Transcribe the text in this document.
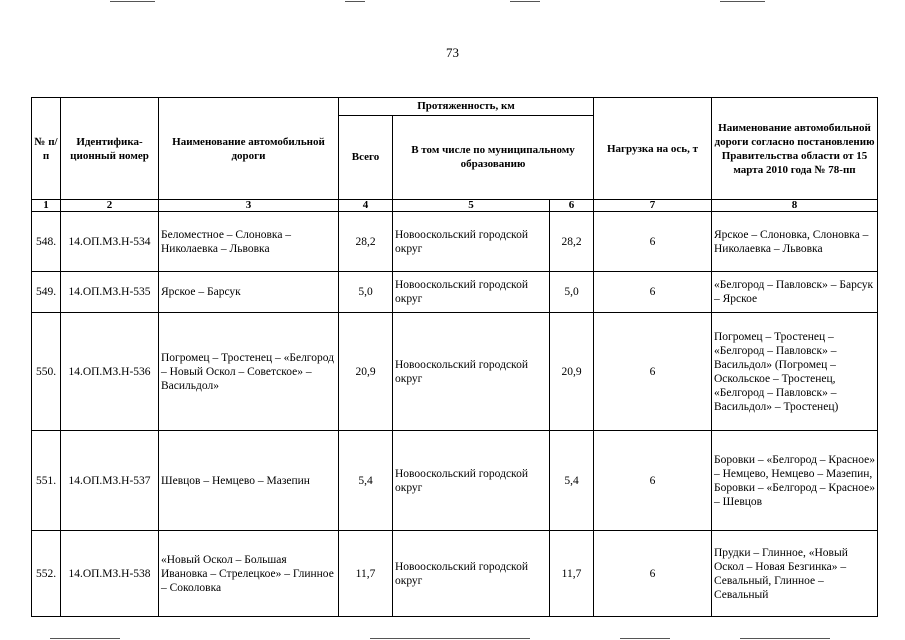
73
№ п/п	Идентифика-ционный номер	Наименование автомобильной дороги	Протяженность, км			Нагрузка на ось, т	Наименование автомобильной дороги согласно постановлению Правительства области от 15 марта 2010 года № 78-пп
			Всего	В том числе по муниципальному образованию			
1	2	3	4	5	6	7	8
548.	14.ОП.МЗ.Н-534	Беломестное – Слоновка – Николаевка – Львовка	28,2	Новооскольский городской округ	28,2	6	Ярское – Слоновка, Слоновка – Николаевка – Львовка
549.	14.ОП.МЗ.Н-535	Ярское – Барсук	5,0	Новооскольский городской округ	5,0	6	«Белгород – Павловск» – Барсук – Ярское
550.	14.ОП.МЗ.Н-536	Погромец – Тростенец – «Белгород – Новый Оскол – Советское» – Васильдол»	20,9	Новооскольский городской округ	20,9	6	Погромец – Тростенец – «Белгород – Павловск» – Васильдол» (Погромец – Оскольское – Тростенец, «Белгород – Павловск» – Васильдол» – Тростенец)
551.	14.ОП.МЗ.Н-537	Шевцов – Немцево – Мазепин	5,4	Новооскольский городской округ	5,4	6	Боровки – «Белгород – Красное» – Немцево, Немцево – Мазепин, Боровки – «Белгород – Красное» – Шевцов
552.	14.ОП.МЗ.Н-538	«Новый Оскол – Большая Ивановка – Стрелецкое» – Глинное – Соколовка	11,7	Новооскольский городской округ	11,7	6	Прудки – Глинное, «Новый Оскол – Новая Безгинка» – Севальный, Глинное – Севальный
